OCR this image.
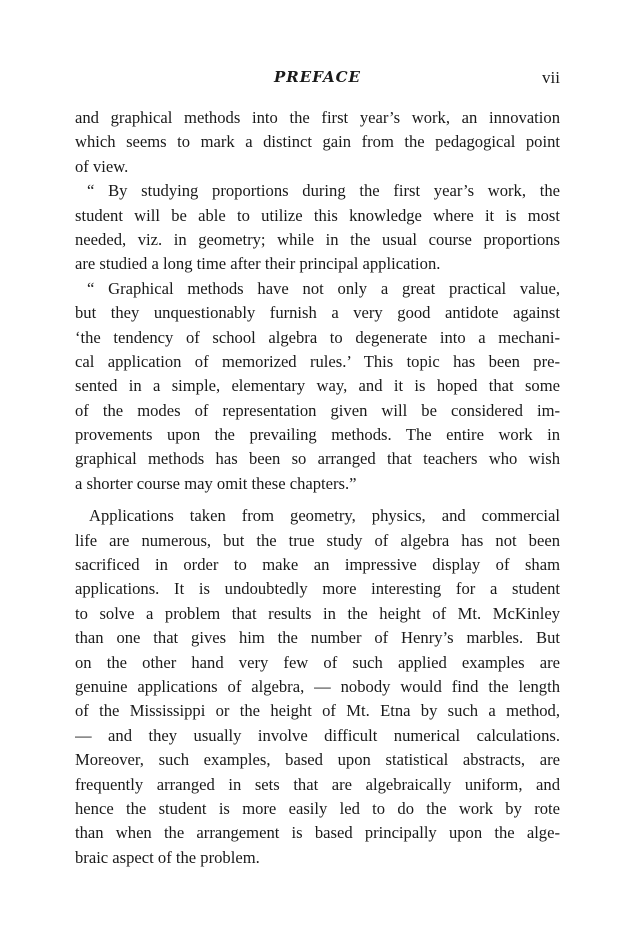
PREFACE	vii
and graphical methods into the first year’s work, an innovation
which seems to mark a distinct gain from the pedagogical point
of view.
“ By studying proportions during the first year’s work, the
student will be able to utilize this knowledge where it is most
needed, viz. in geometry; while in the usual course proportions
are studied a long time after their principal application.
“ Graphical methods have not only a great practical value,
but they unquestionably furnish a very good antidote against
‘the tendency of school algebra to degenerate into a mechani-
cal application of memorized rules.’ This topic has been pre-
sented in a simple, elementary way, and it is hoped that some
of the modes of representation given will be considered im-
provements upon the prevailing methods. The entire work in
graphical methods has been so arranged that teachers who wish
a shorter course may omit these chapters.”
Applications taken from geometry, physics, and commercial
life are numerous, but the true study of algebra has not been
sacrificed in order to make an impressive display of sham
applications. It is undoubtedly more interesting for a student
to solve a problem that results in the height of Mt. McKinley
than one that gives him the number of Henry’s marbles. But
on the other hand very few of such applied examples are
genuine applications of algebra, — nobody would find the length
of the Mississippi or the height of Mt. Etna by such a method,
— and they usually involve difficult numerical calculations.
Moreover, such examples, based upon statistical abstracts, are
frequently arranged in sets that are algebraically uniform, and
hence the student is more easily led to do the work by rote
than when the arrangement is based principally upon the alge-
braic aspect of the problem.
